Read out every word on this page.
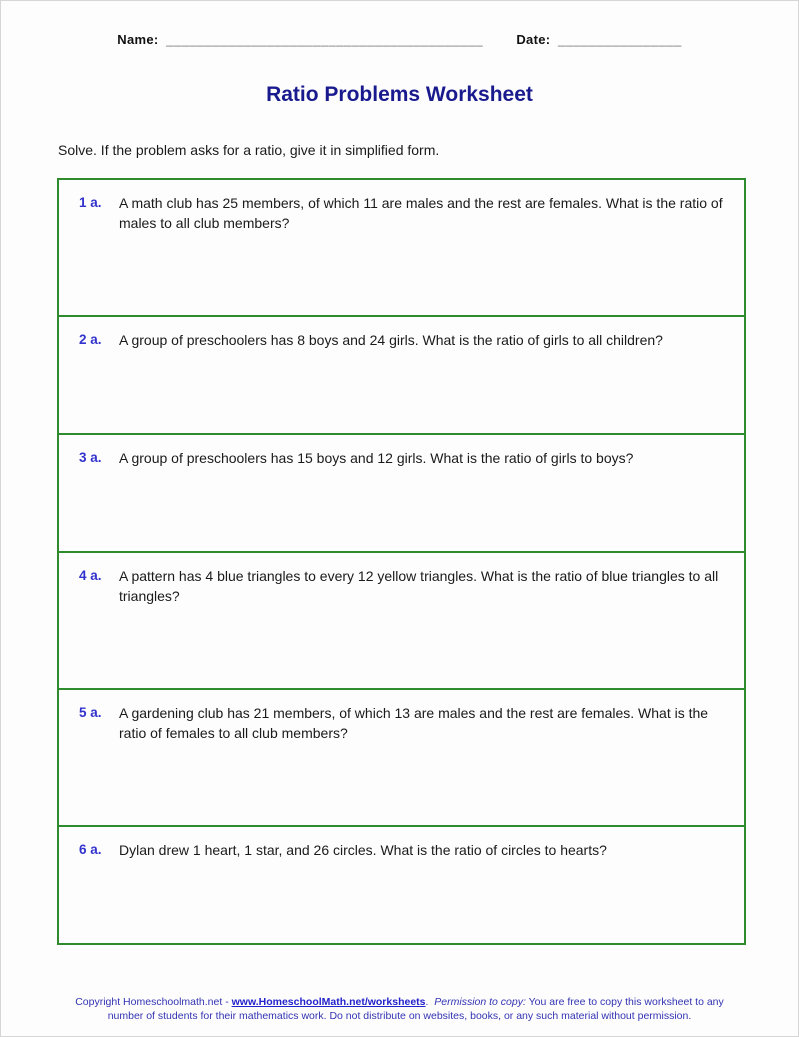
Name: _________________________________________	Date: ________________
Ratio Problems Worksheet

Solve. If the problem asks for a ratio, give it in simplified form.

1 a.	A math club has 25 members, of which 11 are males and the rest are females. What is the ratio of males to all club members?
2 a.	A group of preschoolers has 8 boys and 24 girls. What is the ratio of girls to all children?
3 a.	A group of preschoolers has 15 boys and 12 girls. What is the ratio of girls to boys?
4 a.	A pattern has 4 blue triangles to every 12 yellow triangles. What is the ratio of blue triangles to all triangles?
5 a.	A gardening club has 21 members, of which 13 are males and the rest are females. What is the ratio of females to all club members?
6 a.	Dylan drew 1 heart, 1 star, and 26 circles. What is the ratio of circles to hearts?
Copyright Homeschoolmath.net - www.HomeschoolMath.net/worksheets.  Permission to copy: You are free to copy this worksheet to any
number of students for their mathematics work. Do not distribute on websites, books, or any such material without permission.
